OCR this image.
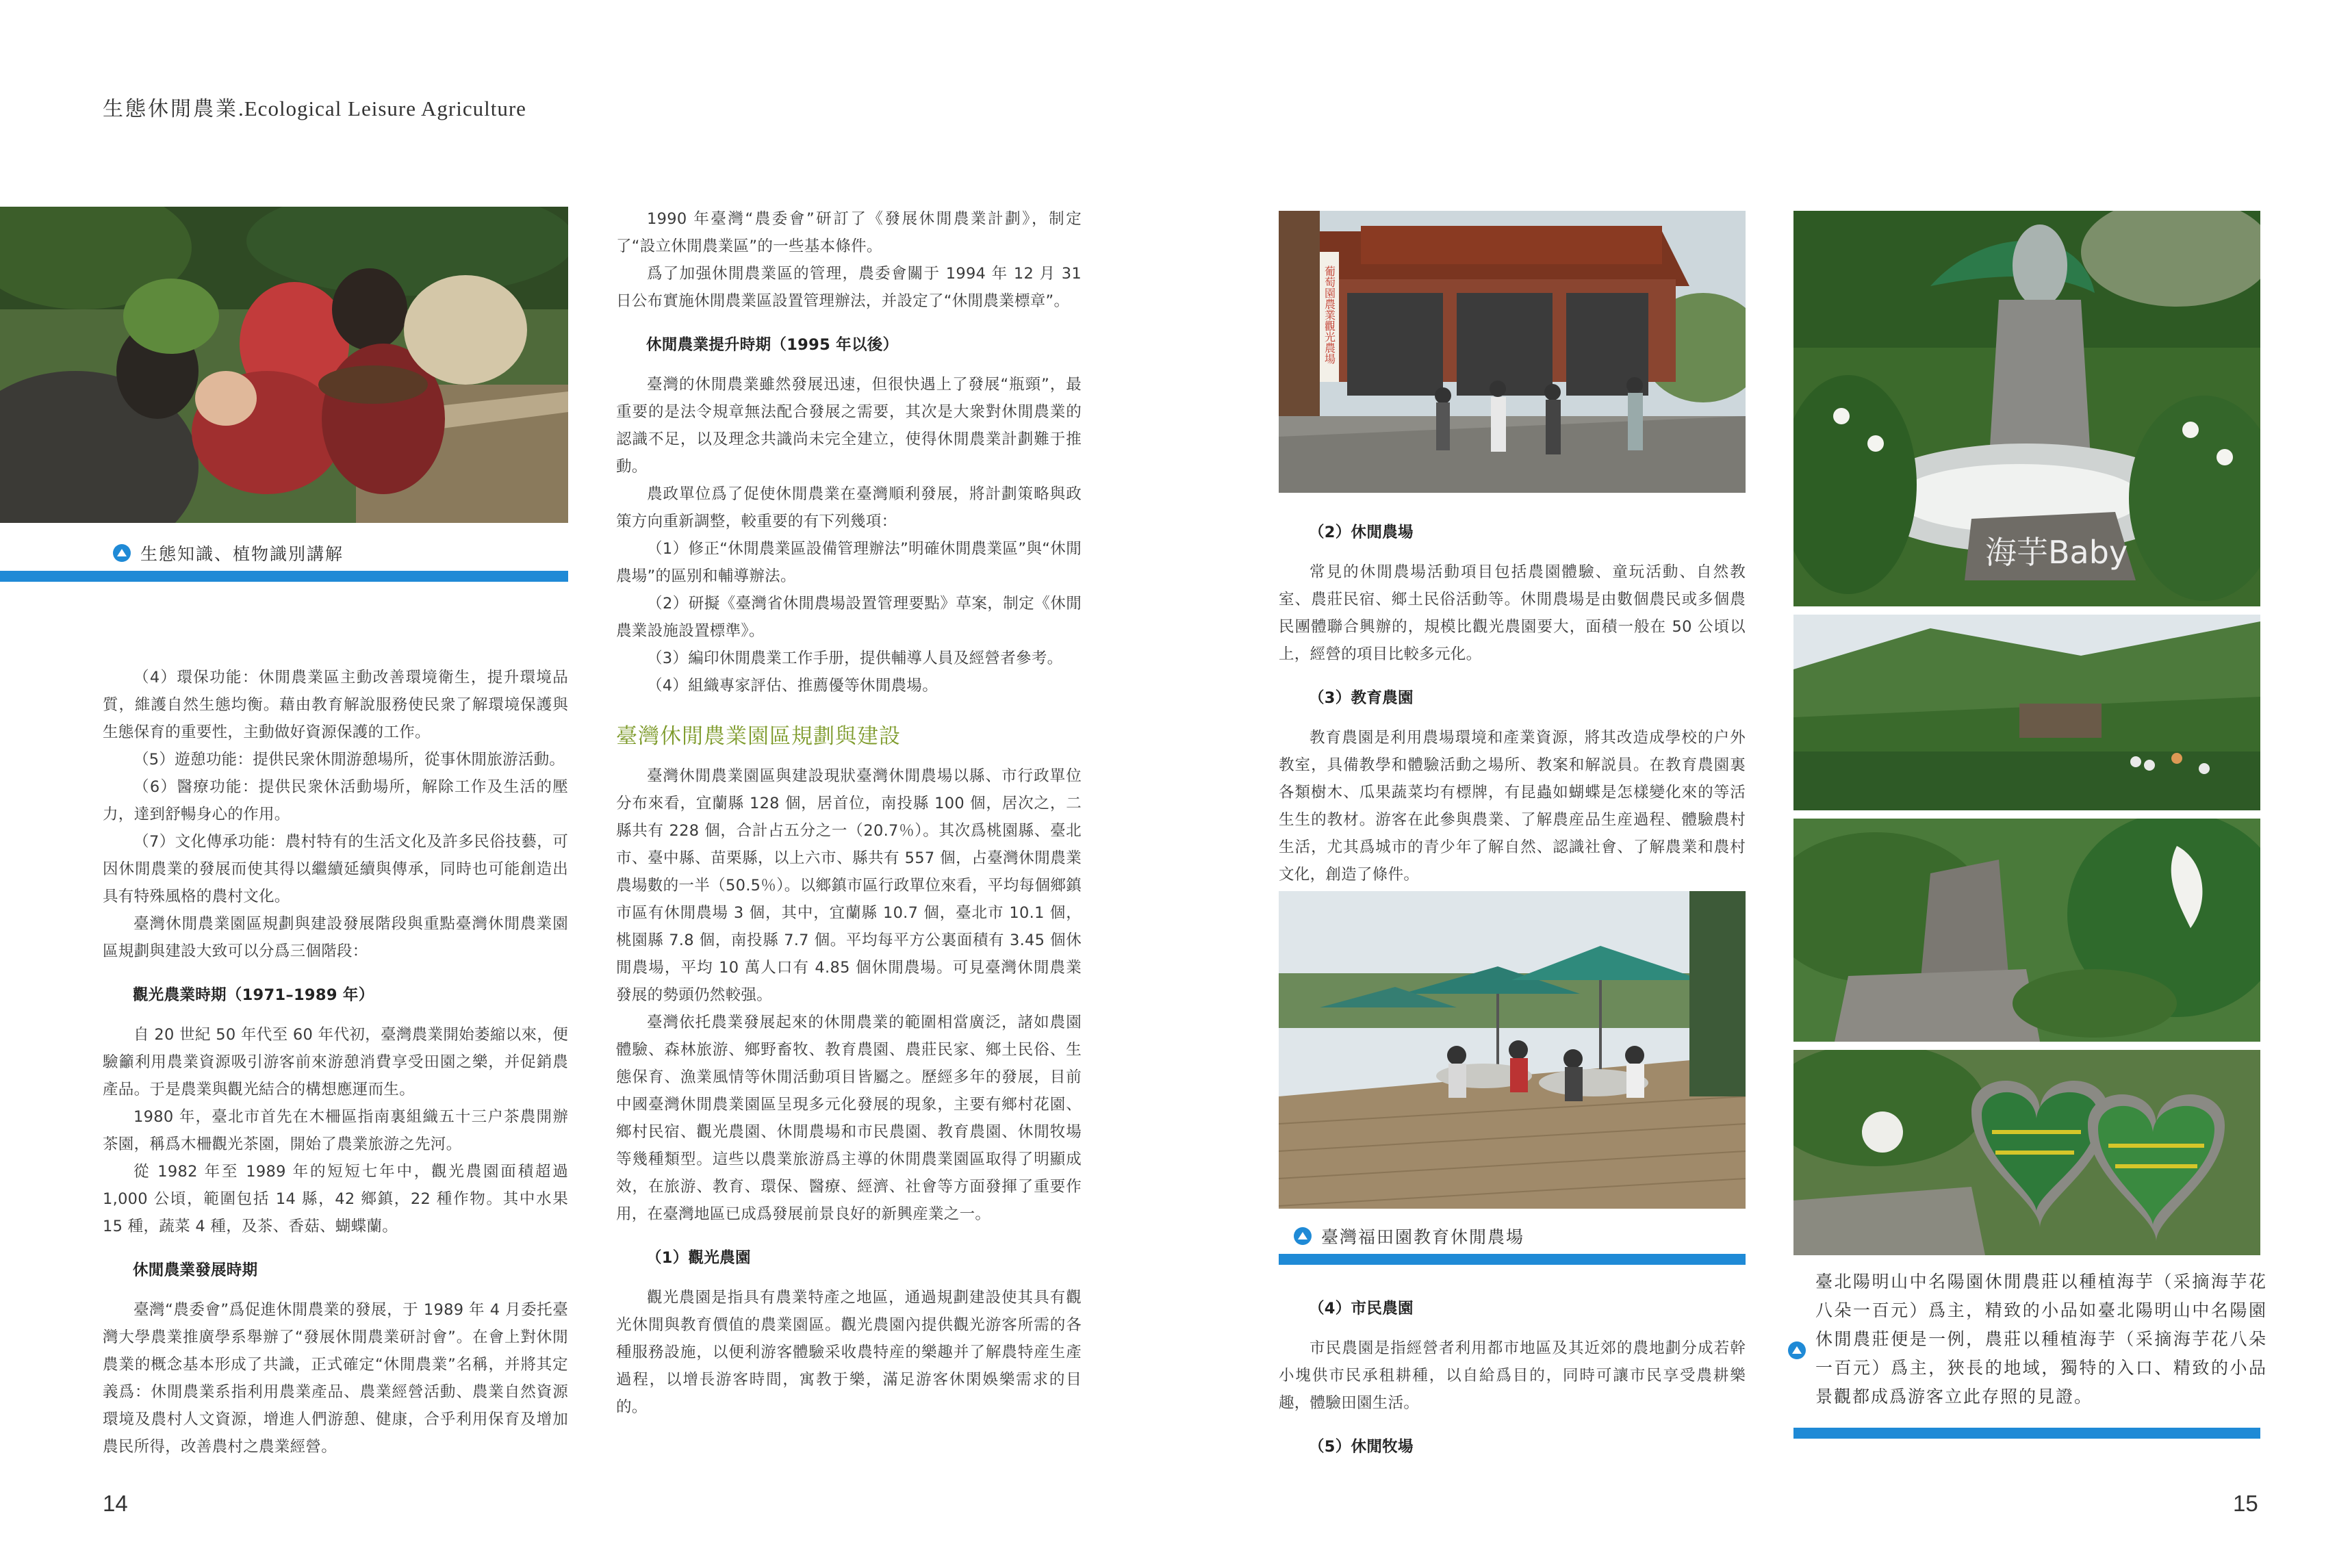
生態休閒農業.Ecological Leisure Agriculture
生態知識、植物識別講解

（4）環保功能：休閒農業區主動改善環境衛生，提升環境品質，維護自然生態均衡。藉由教育解說服務使民衆了解環境保護與生態保育的重要性，主動做好資源保護的工作。

（5）遊憩功能：提供民衆休閒游憩場所，從事休閒旅游活動。

（6）醫療功能：提供民衆休活動場所，解除工作及生活的壓力，達到舒暢身心的作用。

（7）文化傳承功能：農村特有的生活文化及許多民俗技藝，可因休閒農業的發展而使其得以繼續延續與傳承，同時也可能創造出具有特殊風格的農村文化。

臺灣休閒農業園區規劃與建設發展階段與重點臺灣休閒農業園區規劃與建設大致可以分爲三個階段：

觀光農業時期（1971–1989 年）

自 20 世紀 50 年代至 60 年代初，臺灣農業開始萎縮以來，便驗籲利用農業資源吸引游客前來游憩消費享受田園之樂，并促銷農產品。于是農業與觀光結合的構想應運而生。

1980 年，臺北市首先在木柵區指南裏組織五十三户茶農開辦茶園，稱爲木柵觀光茶園，開始了農業旅游之先河。

從 1982 年至 1989 年的短短七年中，觀光農園面積超過 1,000 公頃，範圍包括 14 縣，42 鄉鎮，22 種作物。其中水果 15 種，蔬菜 4 種，及茶、香菇、蝴蝶蘭。

休閒農業發展時期

臺灣“農委會”爲促進休閒農業的發展，于 1989 年 4 月委托臺灣大學農業推廣學系舉辦了“發展休閒農業研討會”。在會上對休閒農業的概念基本形成了共識，正式確定“休閒農業”名稱，并將其定義爲：休閒農業系指利用農業產品、農業經營活動、農業自然資源環境及農村人文資源，增進人們游憩、健康，合乎利用保育及增加農民所得，改善農村之農業經營。

1990 年臺灣“農委會”研訂了《發展休閒農業計劃》，制定了“設立休閒農業區”的一些基本條件。

爲了加强休閒農業區的管理，農委會關于 1994 年 12 月 31 日公布實施休閒農業區設置管理辦法，并設定了“休閒農業標章”。

休閒農業提升時期（1995 年以後）

臺灣的休閒農業雖然發展迅速，但很快遇上了發展“瓶頸”，最重要的是法令規章無法配合發展之需要，其次是大衆對休閒農業的認識不足，以及理念共識尚未完全建立，使得休閒農業計劃難于推動。

農政單位爲了促使休閒農業在臺灣順利發展，將計劃策略與政策方向重新調整，較重要的有下列幾項：

（1）修正“休閒農業區設備管理辦法”明確休閒農業區”與“休閒農場”的區别和輔導辦法。

（2）研擬《臺灣省休閒農場設置管理要點》草案，制定《休閒農業設施設置標準》。

（3）編印休閒農業工作手册，提供輔導人員及經營者參考。

（4）組織專家評估、推薦優等休閒農場。

臺灣休閒農業園區規劃與建設

臺灣休閒農業園區與建設現狀臺灣休閒農場以縣、市行政單位分布來看，宜蘭縣 128 個，居首位，南投縣 100 個，居次之，二縣共有 228 個，合計占五分之一（20.7％）。其次爲桃園縣、臺北市、臺中縣、苗栗縣，以上六市、縣共有 557 個，占臺灣休閒農業農場數的一半（50.5％）。以鄉鎮市區行政單位來看，平均每個鄉鎮市區有休閒農場 3 個，其中，宜蘭縣 10.7 個，臺北市 10.1 個，桃園縣 7.8 個，南投縣 7.7 個。平均每平方公裏面積有 3.45 個休閒農場，平均 10 萬人口有 4.85 個休閒農場。可見臺灣休閒農業發展的勢頭仍然較强。

臺灣依托農業發展起來的休閒農業的範圍相當廣泛，諸如農園體驗、森林旅游、鄉野畜牧、教育農園、農莊民家、鄉土民俗、生態保育、漁業風情等休閒活動項目皆屬之。歷經多年的發展，目前中國臺灣休閒農業園區呈現多元化發展的現象，主要有鄉村花園、鄉村民宿、觀光農園、休閒農場和市民農園、教育農園、休閒牧場等幾種類型。這些以農業旅游爲主導的休閒農業園區取得了明顯成效，在旅游、教育、環保、醫療、經濟、社會等方面發揮了重要作用，在臺灣地區已成爲發展前景良好的新興産業之一。

（1）觀光農園

觀光農園是指具有農業特產之地區，通過規劃建設使其具有觀光休閒與教育價值的農業園區。觀光農園內提供觀光游客所需的各種服務設施，以便利游客體驗采收農特産的樂趣并了解農特産生產過程，以增長游客時間，寓教于樂，滿足游客休閑娛樂需求的目的。

葡萄園農業觀光農場

（2）休閒農場

常見的休閒農場活動項目包括農園體驗、童玩活動、自然教室、農莊民宿、鄉土民俗活動等。休閒農場是由數個農民或多個農民團體聯合興辦的，規模比觀光農園要大，面積一般在 50 公頃以上，經營的項目比較多元化。

（3）教育農園

教育農園是利用農場環境和產業資源，將其改造成學校的户外教室，具備教學和體驗活動之場所、教案和解説員。在教育農園裏各類樹木、瓜果蔬菜均有標牌，有昆蟲如蝴蝶是怎樣變化來的等活生生的教材。游客在此參與農業、了解農産品生産過程、體驗農村生活，尤其爲城市的青少年了解自然、認識社會、了解農業和農村文化，創造了條件。

臺灣福田園教育休閒農場

（4）市民農園

市民農園是指經營者利用都市地區及其近郊的農地劃分成若幹小塊供市民承租耕種，以自給爲目的，同時可讓市民享受農耕樂趣，體驗田園生活。

（5）休閒牧場

海芋Baby

臺北陽明山中名陽園休閒農莊以種植海芋（采摘海芋花八朵一百元）爲主，精致的小品如臺北陽明山中名陽園休閒農莊便是一例，農莊以種植海芋（采摘海芋花八朵一百元）爲主，狹長的地域，獨特的入口、精致的小品景觀都成爲游客立此存照的見證。

14	15
